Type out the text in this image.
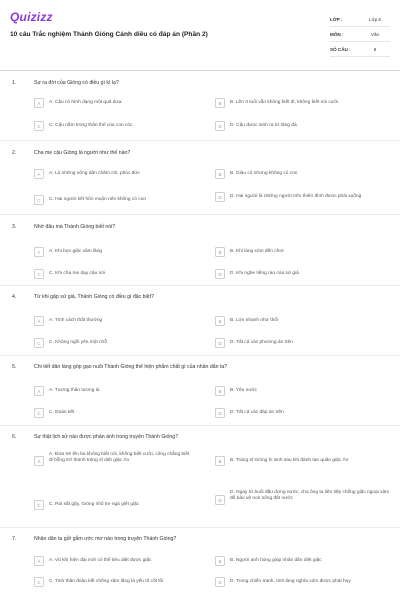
Quizizz
10 câu Trắc nghiệm Thánh Gióng Cánh diều có đáp án (Phần 2)
LỚP :	Lớp 6
MÔN :	Văn
SỐ CÂU :	9
1.	Sự ra đời của Gióng có điều gì kì lạ?
A	A. Cậu có hình dạng một quả dưa.	B	B. Lên 3 tuổi vẫn không biết đi, không biết nói cười.
C	C. Cậu nằm trong thân thể của con cóc.	D	D. Cậu được sinh ra từ tăng đá.
2.	Cha mẹ cậu Gióng là người như thế nào?
A	A. Là những nông dân chăm chỉ, phúc đức	B	B. Giàu có nhưng không có con
C	C. Hai người kết hôn muộn nên không có con	D	D. Hai người là những người trên thiên đình được phái xuống
3.	Nhờ đâu mà Thánh Gióng biết nói?
A	A. Khi bọn giặc xâm lăng	B	B. Khi làng xóm đến chơi
C	C. Khi cha mẹ dạy cậu nói	D	D. Khi nghe tiếng rao của sứ giả
4.	Từ khi gặp sứ giả, Thánh Gióng có điều gì đặc biệt?
A	A. Tính cách thất thường	B	B. Lớn nhanh như thổi
C	C. Không ngồi yên một chỗ	D	D. Tất cả các phương án trên
5.	Chi tiết dân làng góp gạo nuôi Thánh Gióng thể hiện phẩm chất gì của nhân dân ta?
A	A. Tương thân tương ái	B	B. Yêu nước
C	C. Đoàn kết	D	D. Tất cả các đáp án trên
6.	Sự thật lịch sử nào được phản ánh trong truyện Thánh Gióng?
A
A. Đứa trẻ lên ba không biết nói, không biết cười, cũng chẳng biết đi bỗng trở thành tráng sĩ diệt giặc Ân	B	B. Tráng sĩ Gióng hi sinh sau khi đánh tan quân giặc Ân
C	C. Roi sắt gãy, Gióng nhổ tre ngà giết giặc
D
D. Ngay từ buổi đầu dựng nước, cha ông ta liên tiếp chống giặc ngoại xâm để bảo vệ non sông đất nước
7.	Nhân dân ta gửi gắm ước mơ nào trong truyện Thánh Gióng?
A	A. Vũ khí hiện đại mới có thể tiêu diệt được giặc	B	B. Người anh hùng giúp nhân dân diệt giặc
C	C. Tinh thần đoàn kết chống xâm lăng là yếu tố cốt lõi	D	D. Trong chiến tranh, tình làng nghĩa xóm được phát huy
